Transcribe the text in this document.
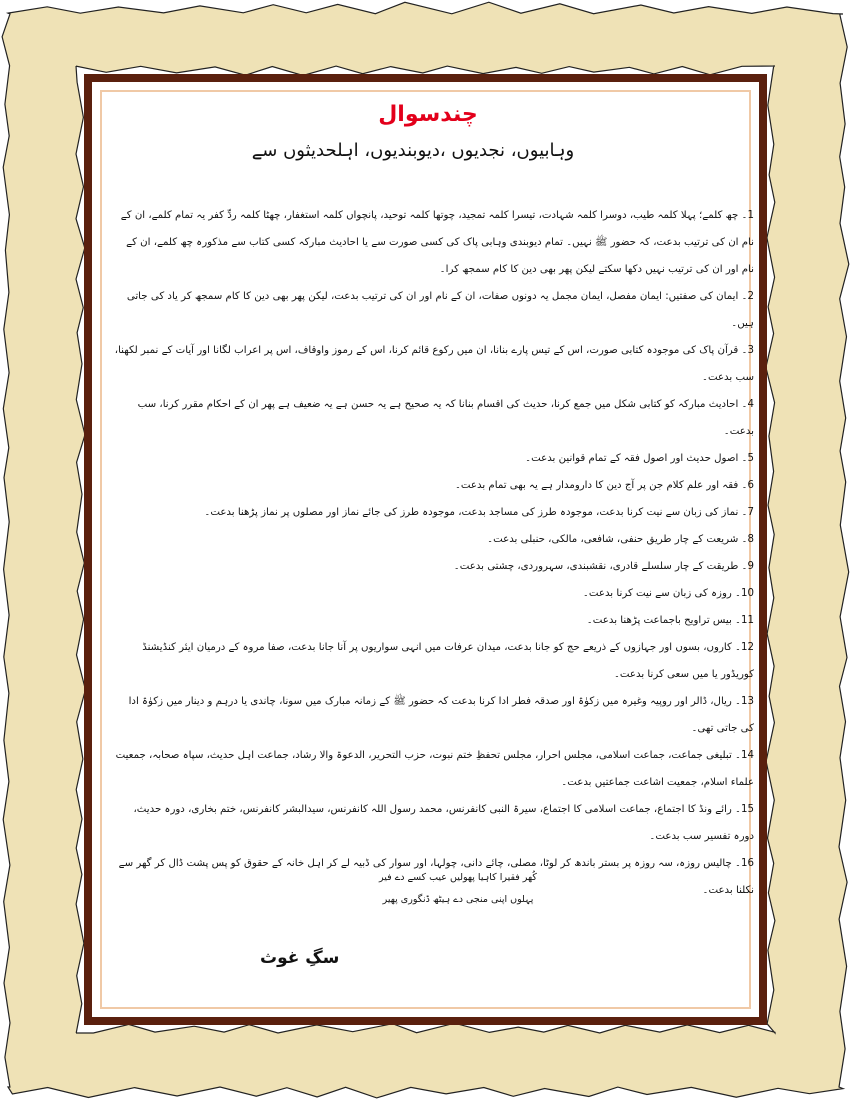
چندسوال
وہابیوں، نجدیوں ،دیوبندیوں، اہلحدیثوں سے
1۔ چھ کلمے؛ پہلا کلمہ طیب، دوسرا کلمہ شہادت، تیسرا کلمہ تمجید، چوتھا کلمہ توحید، پانچواں کلمہ استغفار، چھٹا کلمہ ردِّ کفر یہ تمام کلمے، ان کے نام ان کی ترتیب بدعت، کہ حضور ﷺ نہیں۔ تمام دیوبندی وہابی پاک کی کسی صورت سے یا احادیث مبارکہ کسی کتاب سے مذکورہ چھ کلمے، ان کے نام اور ان کی ترتیب نہیں دکھا سکتے لیکن پھر بھی دین کا کام سمجھ کرا۔
2۔ ایمان کی صفتیں: ایمان مفصل، ایمان مجمل یہ دونوں صفات، ان کے نام اور ان کی ترتیب بدعت، لیکن پھر بھی دین کا کام سمجھ کر یاد کی جاتی ہیں۔
3۔ قرآن پاک کی موجودہ کتابی صورت، اس کے تیس پارے بنانا، ان میں رکوع قائم کرنا، اس کے رموز واوقاف، اس پر اعراب لگانا اور آیات کے نمبر لکھنا، سب بدعت۔
4۔ احادیث مبارکہ کو کتابی شکل میں جمع کرنا، حدیث کی اقسام بنانا کہ یہ صحیح ہے یہ حسن ہے یہ ضعیف ہے پھر ان کے احکام مقرر کرنا، سب بدعت۔
5۔ اصول حدیث اور اصول فقہ کے تمام قوانین بدعت۔
6۔ فقہ اور علم کلام جن پر آج دین کا دارومدار ہے یہ بھی تمام بدعت۔
7۔ نماز کی زبان سے نیت کرنا بدعت، موجودہ طرز کی مساجد بدعت، موجودہ طرز کی جائے نماز اور مصلوں پر نماز پڑھنا بدعت۔
8۔ شریعت کے چار طریق حنفی، شافعی، مالکی، حنبلی بدعت۔
9۔ طریقت کے چار سلسلے قادری، نقشبندی، سہروردی، چشتی بدعت۔
10۔ روزہ کی زبان سے نیت کرنا بدعت۔
11۔ بیس تراویح باجماعت پڑھنا بدعت۔
12۔ کاروں، بسوں اور جہازوں کے ذریعے حج کو جانا بدعت، میدان عرفات میں انہی سواریوں پر آنا جانا بدعت، صفا مروہ کے درمیان ایئر کنڈیشنڈ کوریڈور یا میں سعی کرنا بدعت۔
13۔ ریال، ڈالر اور روپیہ وغیرہ میں زکوٰۃ اور صدقہ فطر ادا کرنا بدعت کہ حضور ﷺ کے زمانہ مبارک میں سونا، چاندی یا درہم و دینار میں زکوٰۃ ادا کی جاتی تھی۔
14۔ تبلیغی جماعت، جماعت اسلامی، مجلس احرار، مجلس تحفظِ ختم نبوت، حزب التحریر، الدعوۃ والا رشاد، جماعت اہل حدیث، سپاہ صحابہ، جمعیت علماء اسلام، جمعیت اشاعت جماعتیں بدعت۔
15۔ رائے ونڈ کا اجتماع، جماعت اسلامی کا اجتماع، سیرۃ النبی کانفرنس، محمد رسول اللہ کانفرنس، سیدالبشر کانفرنس، ختم بخاری، دورہ حدیث، دورہ تفسیر سب بدعت۔
16۔ چالیس روزہ، سہ روزہ پر بستر باندھ کر لوٹا، مصلی، چائے دانی، چولہا، اور سوار کی ڈبیہ لے کر اہل خانہ کے حقوق کو پس پشت ڈال کر گھر سے نکلنا بدعت۔
کُھر فقیرا کاہیا پھولیں عیب کسے دے فیر
پہلوں اپنی منجی دے ہیٹھ ڈنگوری پھیر
سگِ غوث
